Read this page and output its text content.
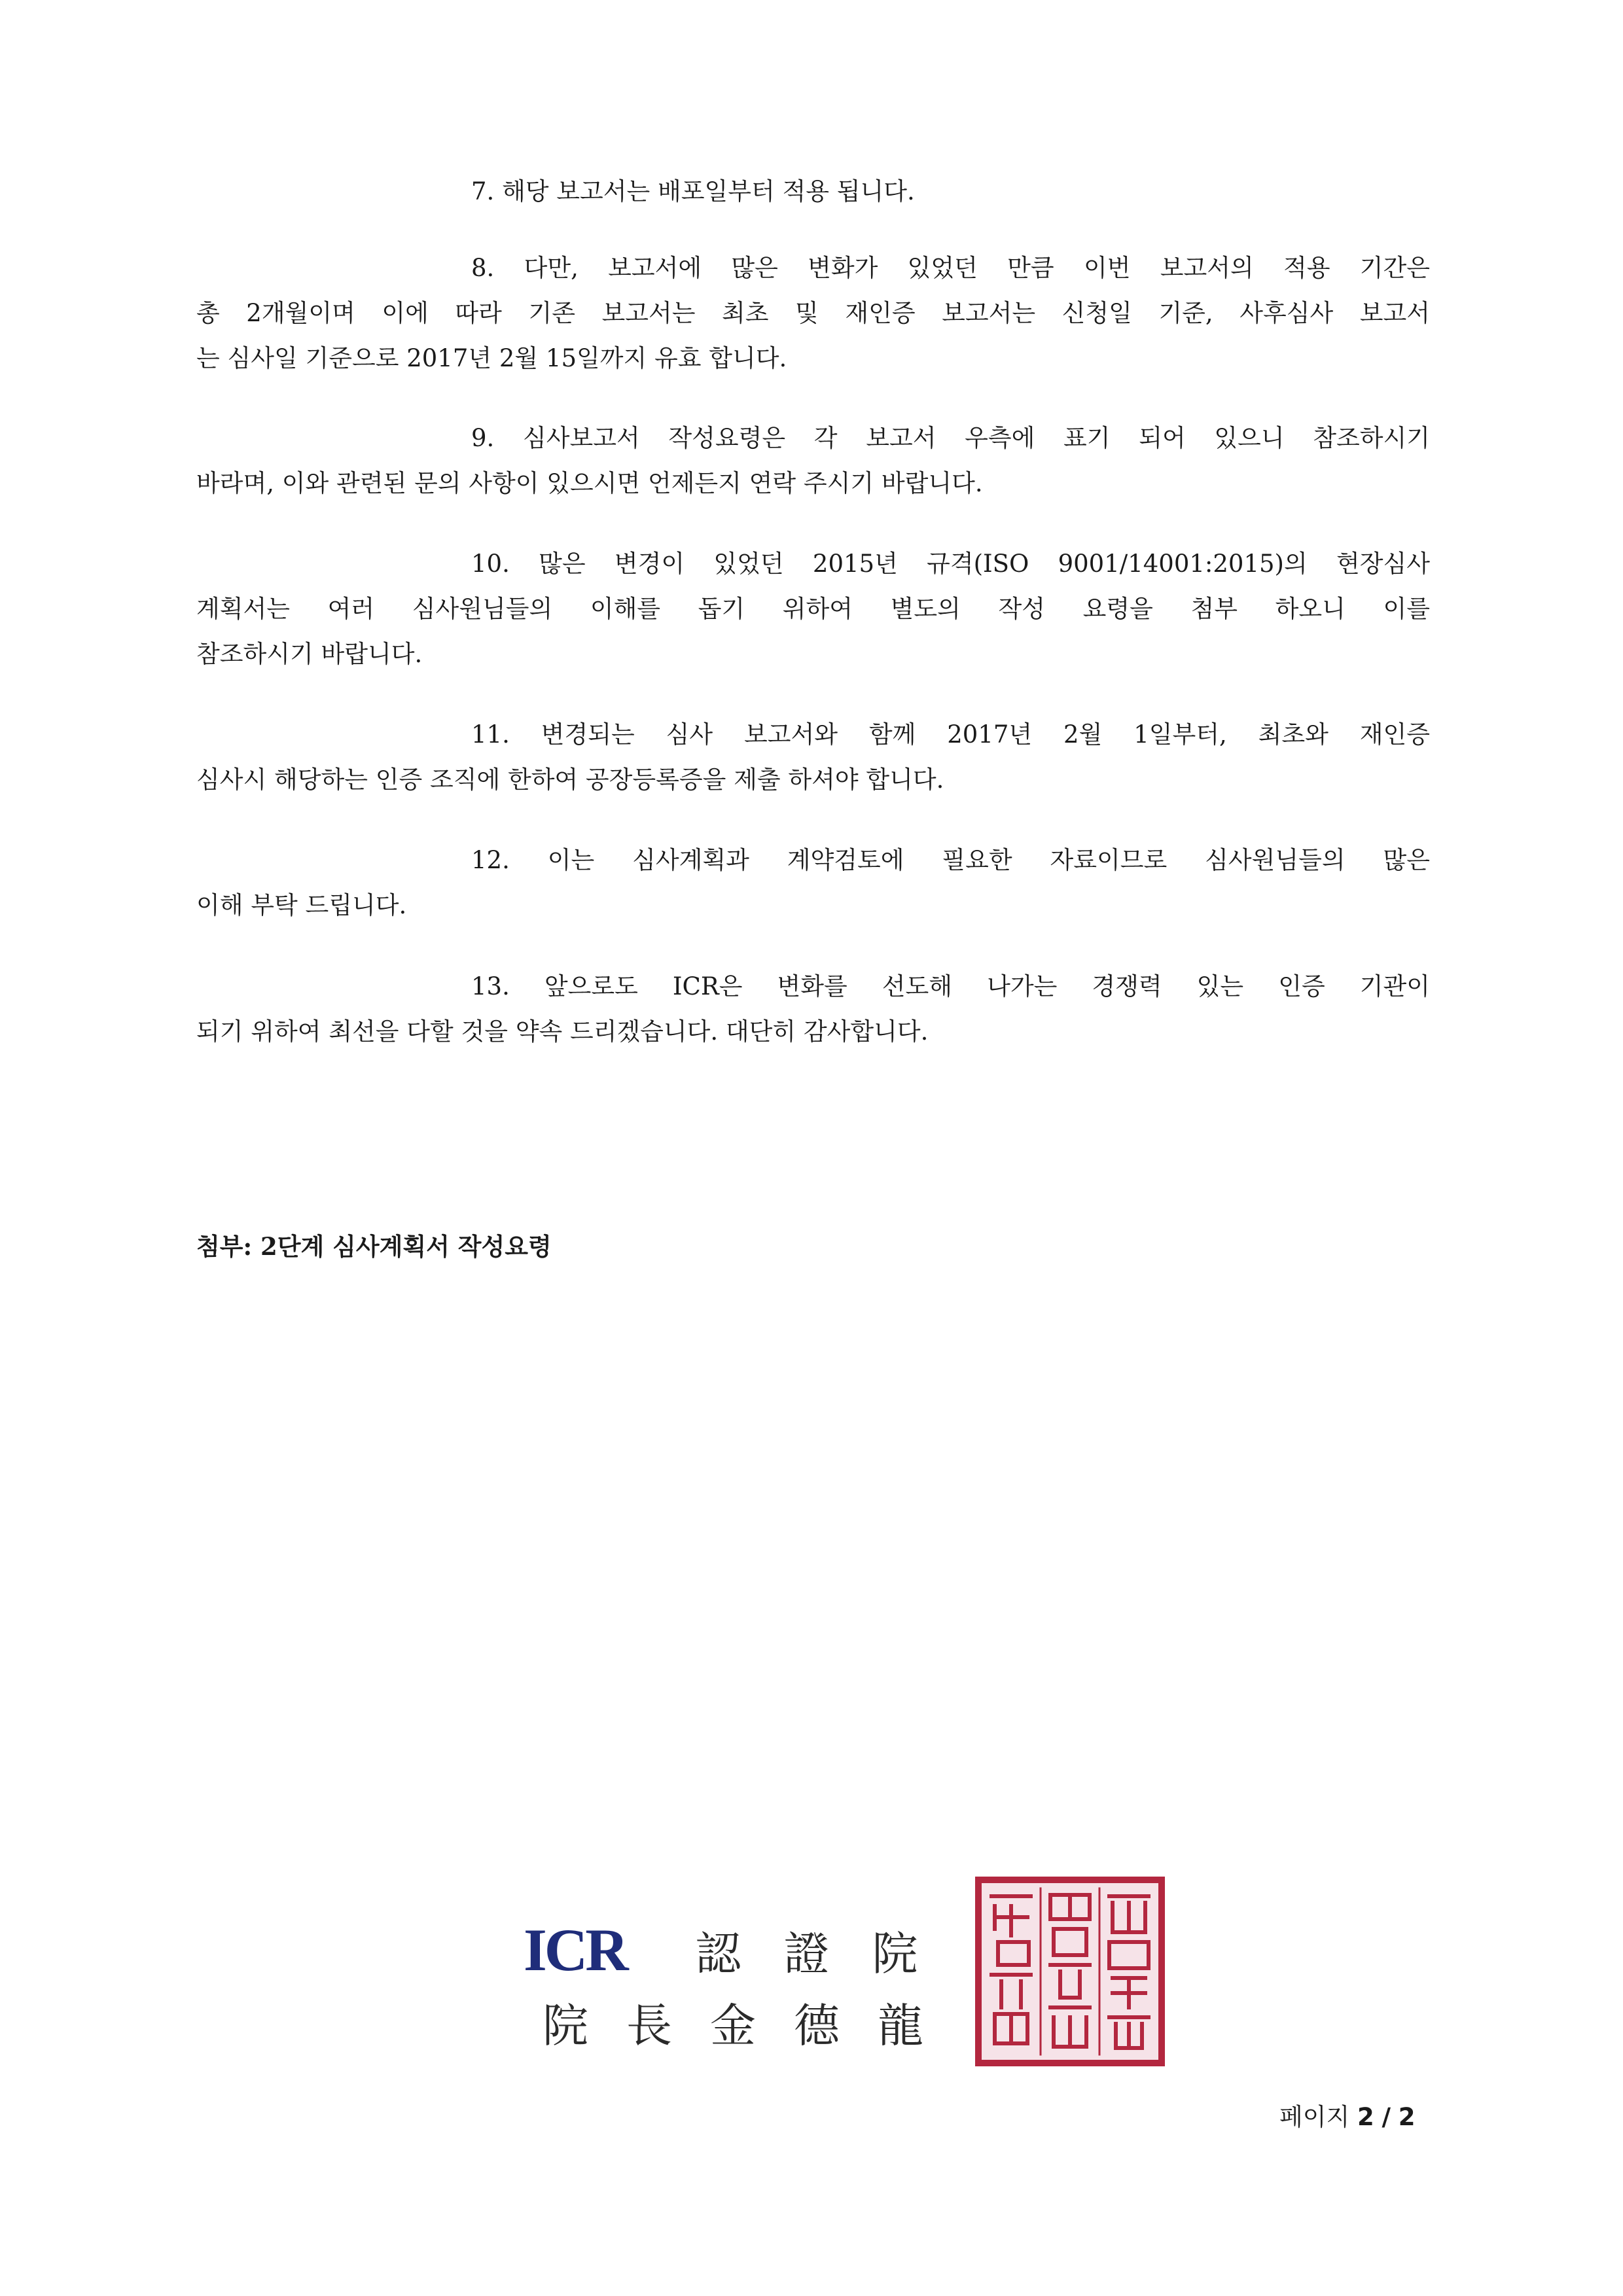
7. 해당 보고서는 배포일부터 적용 됩니다.
8. 다만, 보고서에 많은 변화가 있었던 만큼 이번 보고서의 적용 기간은
총 2개월이며 이에 따라 기존 보고서는 최초 및 재인증 보고서는 신청일 기준, 사후심사 보고서
는 심사일 기준으로 2017년 2월 15일까지 유효 합니다.
9. 심사보고서 작성요령은 각 보고서 우측에 표기 되어 있으니 참조하시기
바라며, 이와 관련된 문의 사항이 있으시면 언제든지 연락 주시기 바랍니다.
10. 많은 변경이 있었던 2015년 규격(ISO 9001/14001:2015)의 현장심사
계획서는 여러 심사원님들의 이해를 돕기 위하여 별도의 작성 요령을 첨부 하오니 이를
참조하시기 바랍니다.
11. 변경되는 심사 보고서와 함께 2017년 2월 1일부터, 최초와 재인증
심사시 해당하는 인증 조직에 한하여 공장등록증을 제출 하셔야 합니다.
12. 이는 심사계획과 계약검토에 필요한 자료이므로 심사원님들의 많은
이해 부탁 드립니다.
13. 앞으로도 ICR은 변화를 선도해 나가는 경쟁력 있는 인증 기관이
되기 위하여 최선을 다할 것을 약속 드리겠습니다. 대단히 감사합니다.
첨부: 2단계 심사계획서 작성요령
ICR	認 證 院
院 長 金 德 龍
페이지 2 / 2
